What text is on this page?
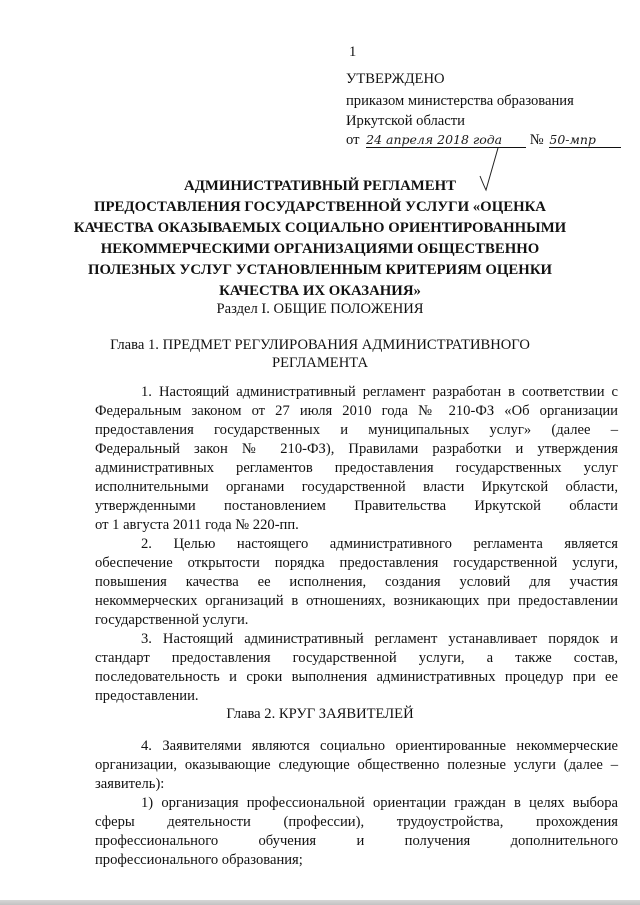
1
УТВЕРЖДЕНО
приказом министерства образования
Иркутской области
от 24 апреля 2018 года № 50-мпр
АДМИНИСТРАТИВНЫЙ РЕГЛАМЕНТ
ПРЕДОСТАВЛЕНИЯ ГОСУДАРСТВЕННОЙ УСЛУГИ «ОЦЕНКА
КАЧЕСТВА ОКАЗЫВАЕМЫХ СОЦИАЛЬНО ОРИЕНТИРОВАННЫМИ
НЕКОММЕРЧЕСКИМИ ОРГАНИЗАЦИЯМИ ОБЩЕСТВЕННО
ПОЛЕЗНЫХ УСЛУГ УСТАНОВЛЕННЫМ КРИТЕРИЯМ ОЦЕНКИ
КАЧЕСТВА ИХ ОКАЗАНИЯ»
Раздел I. ОБЩИЕ ПОЛОЖЕНИЯ
Глава 1. ПРЕДМЕТ РЕГУЛИРОВАНИЯ АДМИНИСТРАТИВНОГО
РЕГЛАМЕНТА
1. Настоящий административный регламент разработан в соответствии с
Федеральным законом от 27 июля 2010 года № 210-ФЗ «Об организации
предоставления государственных и муниципальных услуг» (далее –
Федеральный закон № 210-ФЗ), Правилами разработки и утверждения
административных регламентов предоставления государственных услуг
исполнительными органами государственной власти Иркутской области,
утвержденными постановлением Правительства Иркутской области
от 1 августа 2011 года № 220-пп.
2. Целью настоящего административного регламента является
обеспечение открытости порядка предоставления государственной услуги,
повышения качества ее исполнения, создания условий для участия
некоммерческих организаций в отношениях, возникающих при предоставлении
государственной услуги.
3. Настоящий административный регламент устанавливает порядок и
стандарт предоставления государственной услуги, а также состав,
последовательность и сроки выполнения административных процедур при ее
предоставлении.
Глава 2. КРУГ ЗАЯВИТЕЛЕЙ
4. Заявителями являются социально ориентированные некоммерческие
организации, оказывающие следующие общественно полезные услуги (далее –
заявитель):
1) организация профессиональной ориентации граждан в целях выбора
сферы деятельности (профессии), трудоустройства, прохождения
профессионального обучения и получения дополнительного
профессионального образования;
